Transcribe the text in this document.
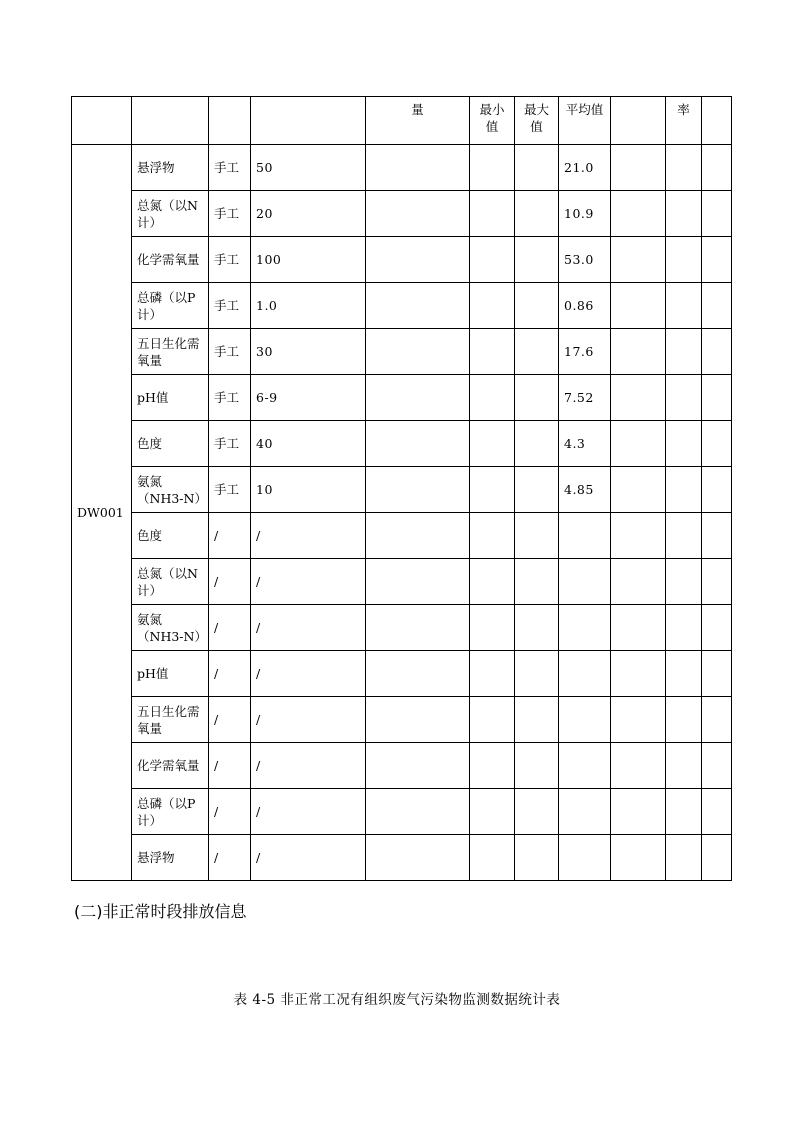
				量	最小值	最大值	平均值		率	
DW001	悬浮物	手工	50				21.0			
	总氮（以N计）	手工	20				10.9			
	化学需氧量	手工	100				53.0			
	总磷（以P计）	手工	1.0				0.86			
	五日生化需氧量	手工	30				17.6			
	pH值	手工	6-9				7.52			
	色度	手工	40				4.3			
	氨氮（NH3-N）	手工	10				4.85			
	色度	/	/							
	总氮（以N计）	/	/							
	氨氮（NH3-N）	/	/							
	pH值	/	/							
	五日生化需氧量	/	/							
	化学需氧量	/	/							
	总磷（以P计）	/	/							
	悬浮物	/	/							
(二)非正常时段排放信息
表 4-5 非正常工况有组织废气污染物监测数据统计表
